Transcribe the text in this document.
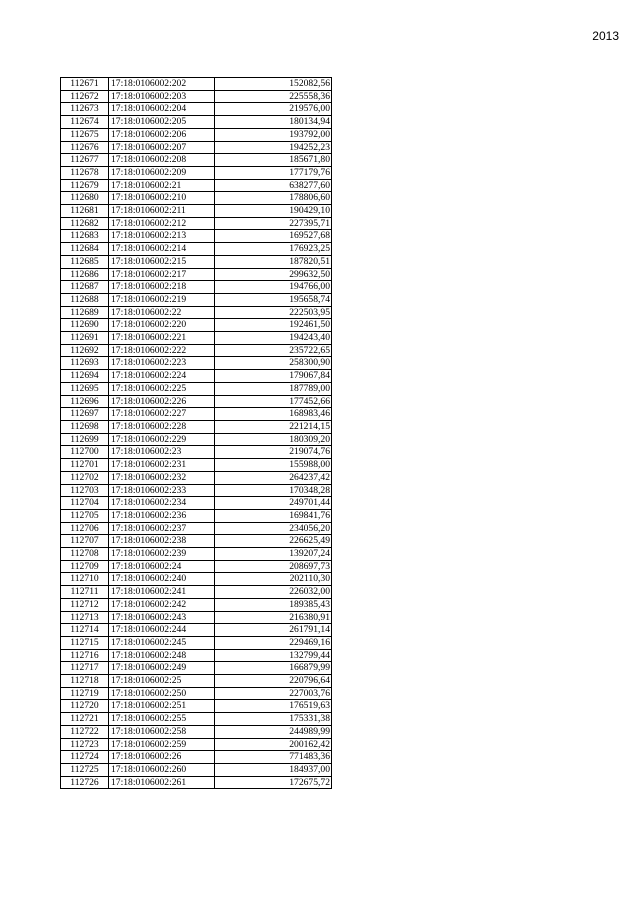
2013
112671	17:18:0106002:202	152082,56
112672	17:18:0106002:203	225558,36
112673	17:18:0106002:204	219576,00
112674	17:18:0106002:205	180134,94
112675	17:18:0106002:206	193792,00
112676	17:18:0106002:207	194252,23
112677	17:18:0106002:208	185671,80
112678	17:18:0106002:209	177179,76
112679	17:18:0106002:21	638277,60
112680	17:18:0106002:210	178806,60
112681	17:18:0106002:211	190429,10
112682	17:18:0106002:212	227395,71
112683	17:18:0106002:213	169527,68
112684	17:18:0106002:214	176923,25
112685	17:18:0106002:215	187820,51
112686	17:18:0106002:217	299632,50
112687	17:18:0106002:218	194766,00
112688	17:18:0106002:219	195658,74
112689	17:18:0106002:22	222503,95
112690	17:18:0106002:220	192461,50
112691	17:18:0106002:221	194243,40
112692	17:18:0106002:222	235722,65
112693	17:18:0106002:223	258300,90
112694	17:18:0106002:224	179067,84
112695	17:18:0106002:225	187789,00
112696	17:18:0106002:226	177452,66
112697	17:18:0106002:227	168983,46
112698	17:18:0106002:228	221214,15
112699	17:18:0106002:229	180309,20
112700	17:18:0106002:23	219074,76
112701	17:18:0106002:231	155988,00
112702	17:18:0106002:232	264237,42
112703	17:18:0106002:233	170348,28
112704	17:18:0106002:234	249701,44
112705	17:18:0106002:236	169841,76
112706	17:18:0106002:237	234056,20
112707	17:18:0106002:238	226625,49
112708	17:18:0106002:239	139207,24
112709	17:18:0106002:24	208697,73
112710	17:18:0106002:240	202110,30
112711	17:18:0106002:241	226032,00
112712	17:18:0106002:242	189385,43
112713	17:18:0106002:243	216380,91
112714	17:18:0106002:244	261791,14
112715	17:18:0106002:245	229469,16
112716	17:18:0106002:248	132799,44
112717	17:18:0106002:249	166879,99
112718	17:18:0106002:25	220796,64
112719	17:18:0106002:250	227003,76
112720	17:18:0106002:251	176519,63
112721	17:18:0106002:255	175331,38
112722	17:18:0106002:258	244989,99
112723	17:18:0106002:259	200162,42
112724	17:18:0106002:26	771483,36
112725	17:18:0106002:260	184937,00
112726	17:18:0106002:261	172675,72
